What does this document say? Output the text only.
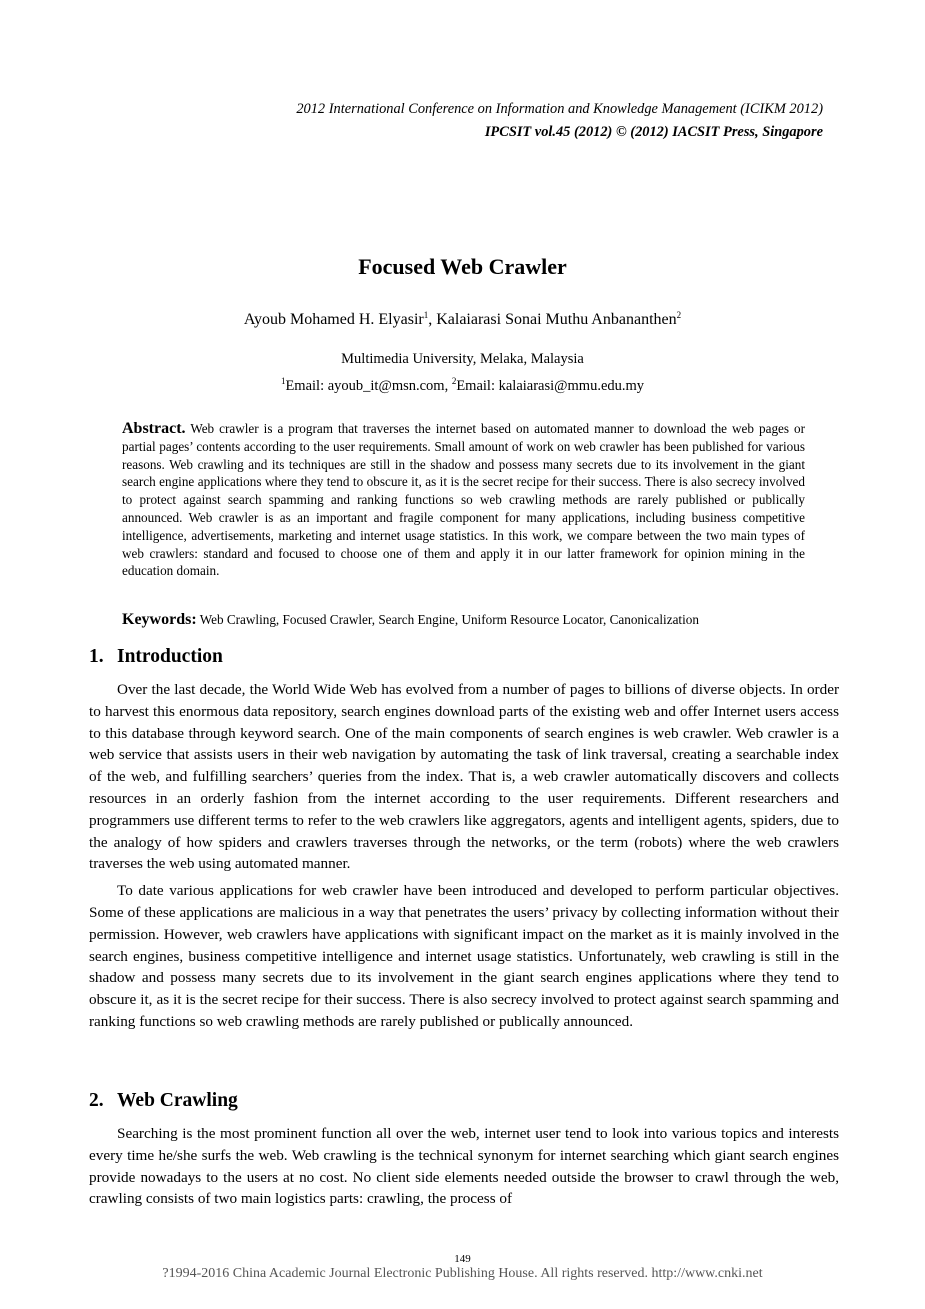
2012 International Conference on Information and Knowledge Management (ICIKM 2012)
IPCSIT vol.45 (2012) © (2012) IACSIT Press, Singapore
Focused Web Crawler
Ayoub Mohamed H. Elyasir$^1$, Kalaiarasi Sonai Muthu Anbananthen$^2$
Multimedia University, Melaka, Malaysia
$^1$Email: ayoub_it@msn.com, $^2$Email: kalaiarasi@mmu.edu.my
Abstract. Web crawler is a program that traverses the internet based on automated manner to download the web pages or partial pages’ contents according to the user requirements. Small amount of work on web crawler has been published for various reasons. Web crawling and its techniques are still in the shadow and possess many secrets due to its involvement in the giant search engine applications where they tend to obscure it, as it is the secret recipe for their success. There is also secrecy involved to protect against search spamming and ranking functions so web crawling methods are rarely published or publically announced. Web crawler is as an important and fragile component for many applications, including business competitive intelligence, advertisements, marketing and internet usage statistics. In this work, we compare between the two main types of web crawlers: standard and focused to choose one of them and apply it in our latter framework for opinion mining in the education domain.
Keywords: Web Crawling, Focused Crawler, Search Engine, Uniform Resource Locator, Canonicalization
1. Introduction

Over the last decade, the World Wide Web has evolved from a number of pages to billions of diverse objects. In order to harvest this enormous data repository, search engines download parts of the existing web and offer Internet users access to this database through keyword search. One of the main components of search engines is web crawler. Web crawler is a web service that assists users in their web navigation by automating the task of link traversal, creating a searchable index of the web, and fulfilling searchers’ queries from the index. That is, a web crawler automatically discovers and collects resources in an orderly fashion from the internet according to the user requirements. Different researchers and programmers use different terms to refer to the web crawlers like aggregators, agents and intelligent agents, spiders, due to the analogy of how spiders and crawlers traverses through the networks, or the term (robots) where the web crawlers traverses the web using automated manner.

To date various applications for web crawler have been introduced and developed to perform particular objectives. Some of these applications are malicious in a way that penetrates the users’ privacy by collecting information without their permission. However, web crawlers have applications with significant impact on the market as it is mainly involved in the search engines, business competitive intelligence and internet usage statistics. Unfortunately, web crawling is still in the shadow and possess many secrets due to its involvement in the giant search engines applications where they tend to obscure it, as it is the secret recipe for their success. There is also secrecy involved to protect against search spamming and ranking functions so web crawling methods are rarely published or publically announced.

2. Web Crawling

Searching is the most prominent function all over the web, internet user tend to look into various topics and interests every time he/she surfs the web. Web crawling is the technical synonym for internet searching which giant search engines provide nowadays to the users at no cost. No client side elements needed outside the browser to crawl through the web, crawling consists of two main logistics parts: crawling, the process of

149
?1994-2016 China Academic Journal Electronic Publishing House. All rights reserved. http://www.cnki.net
